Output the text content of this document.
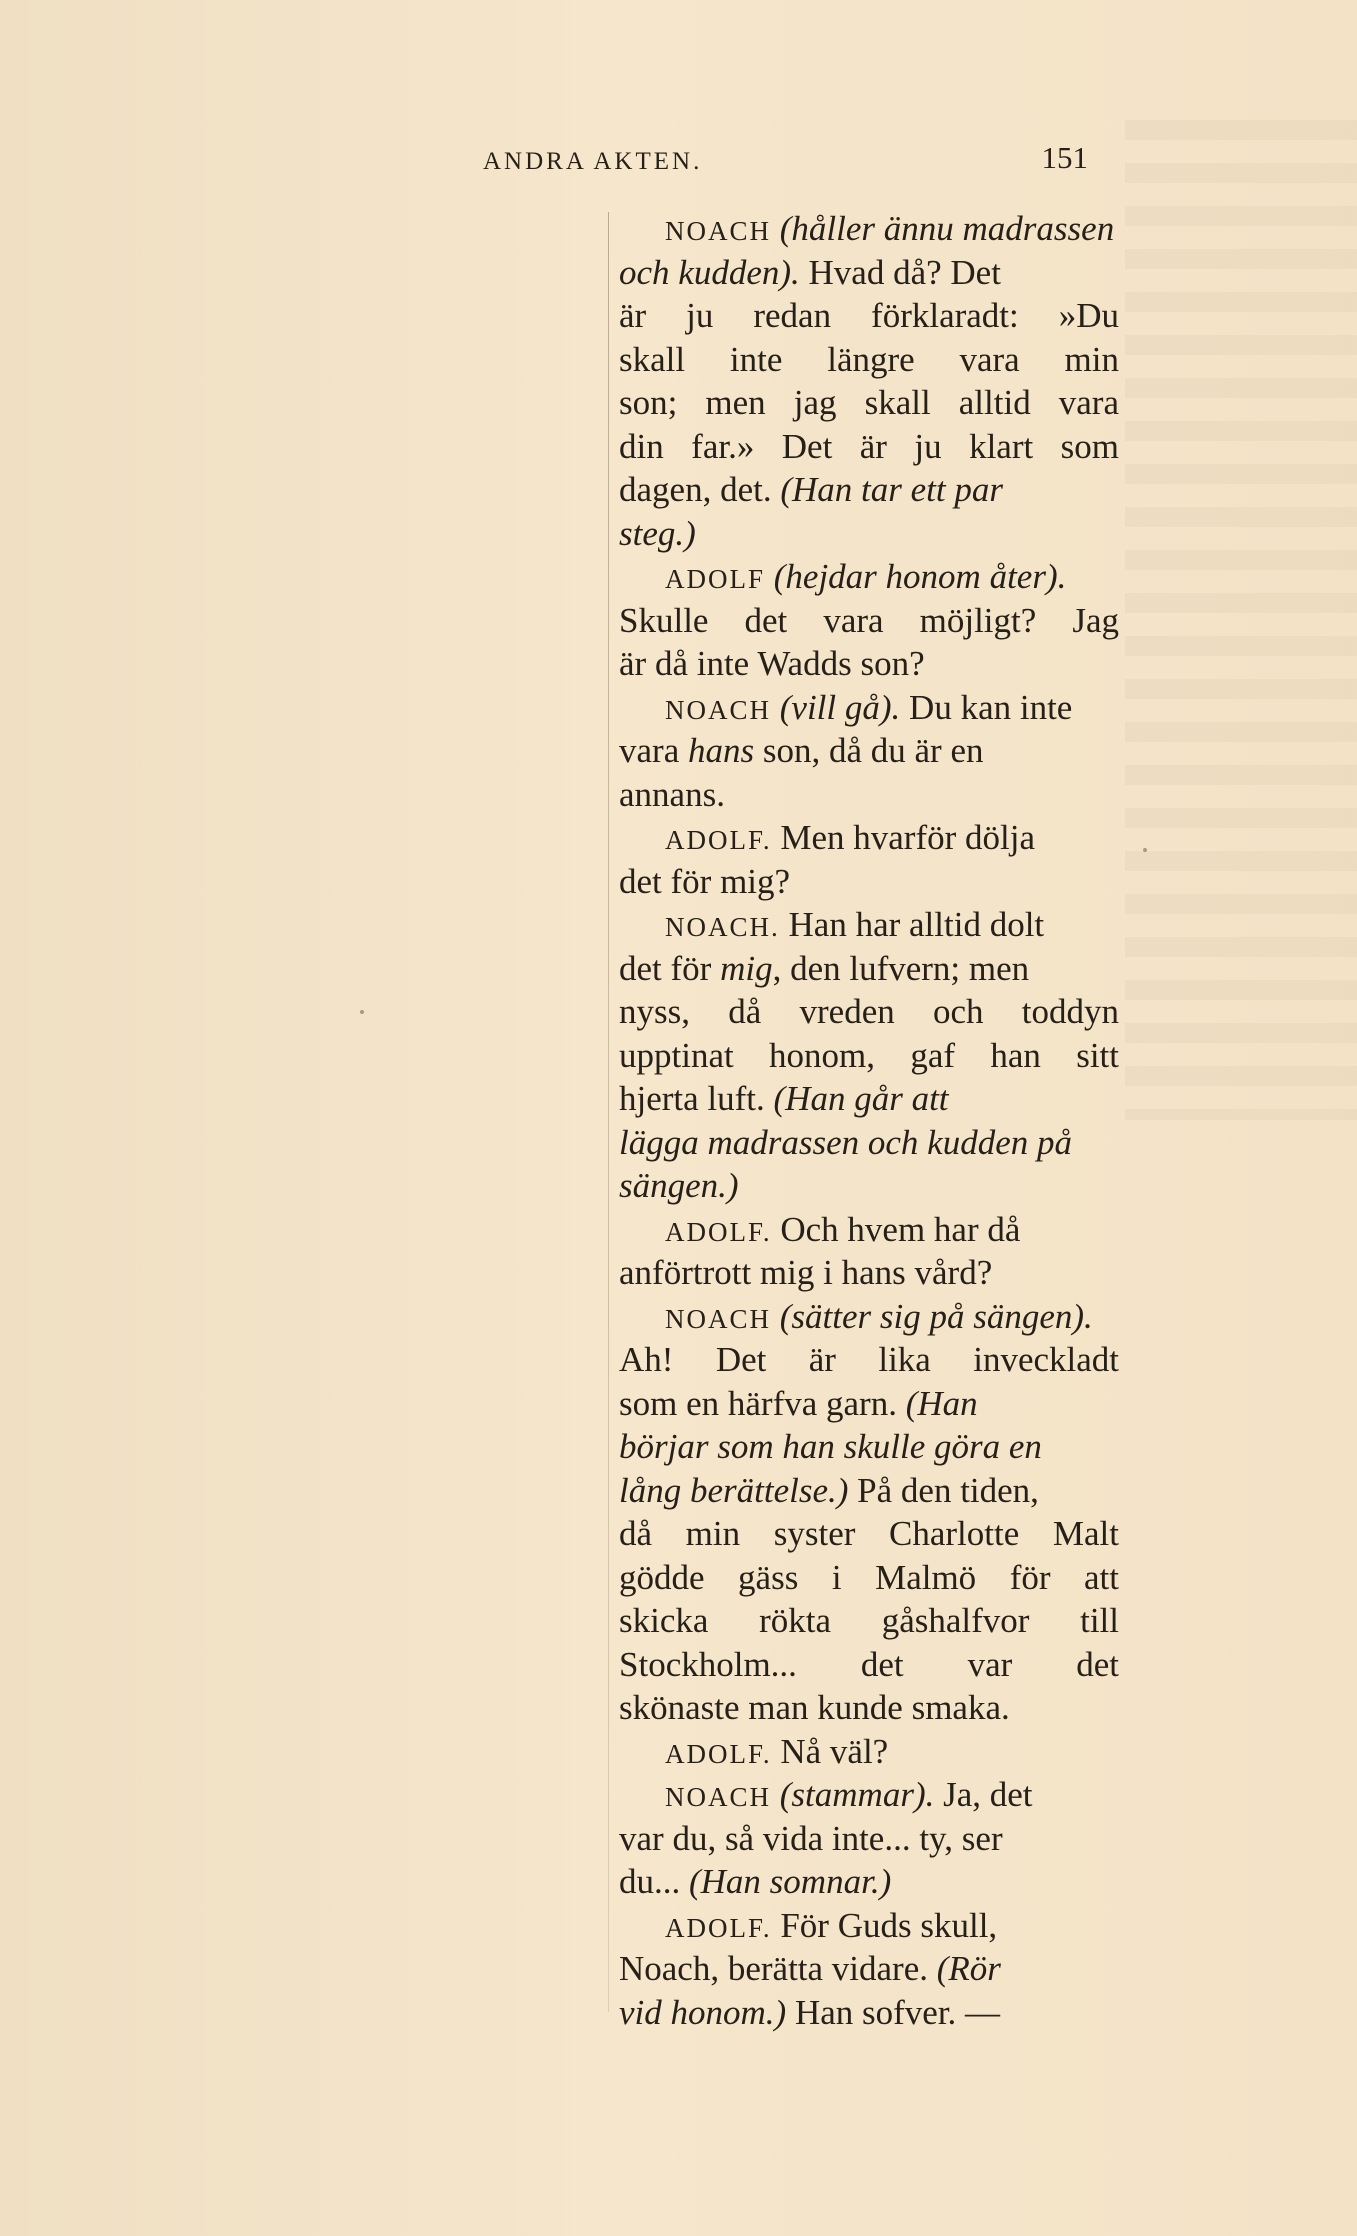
ANDRA AKTEN.	151
NOACH (håller ännu madrassen
och kudden). Hvad då? Det
är ju redan förklaradt: »Du
skall inte längre vara min
son; men jag skall alltid vara
din far.» Det är ju klart som
dagen, det. (Han tar ett par
steg.)
ADOLF (hejdar honom åter).
Skulle det vara möjligt? Jag
är då inte Wadds son?
NOACH (vill gå). Du kan inte
vara hans son, då du är en
annans.
ADOLF. Men hvarför dölja
det för mig?
NOACH. Han har alltid dolt
det för mig, den lufvern; men
nyss, då vreden och toddyn
upptinat honom, gaf han sitt
hjerta luft. (Han går att
lägga madrassen och kudden på
sängen.)
ADOLF. Och hvem har då
anförtrott mig i hans vård?
NOACH (sätter sig på sängen).
Ah! Det är lika inveckladt
som en härfva garn. (Han
börjar som han skulle göra en
lång berättelse.) På den tiden,
då min syster Charlotte Malt
gödde gäss i Malmö för att
skicka rökta gåshalfvor till
Stockholm... det var det
skönaste man kunde smaka.
ADOLF. Nå väl?
NOACH (stammar). Ja, det
var du, så vida inte... ty, ser
du... (Han somnar.)
ADOLF. För Guds skull,
Noach, berätta vidare. (Rör
vid honom.) Han sofver. —
